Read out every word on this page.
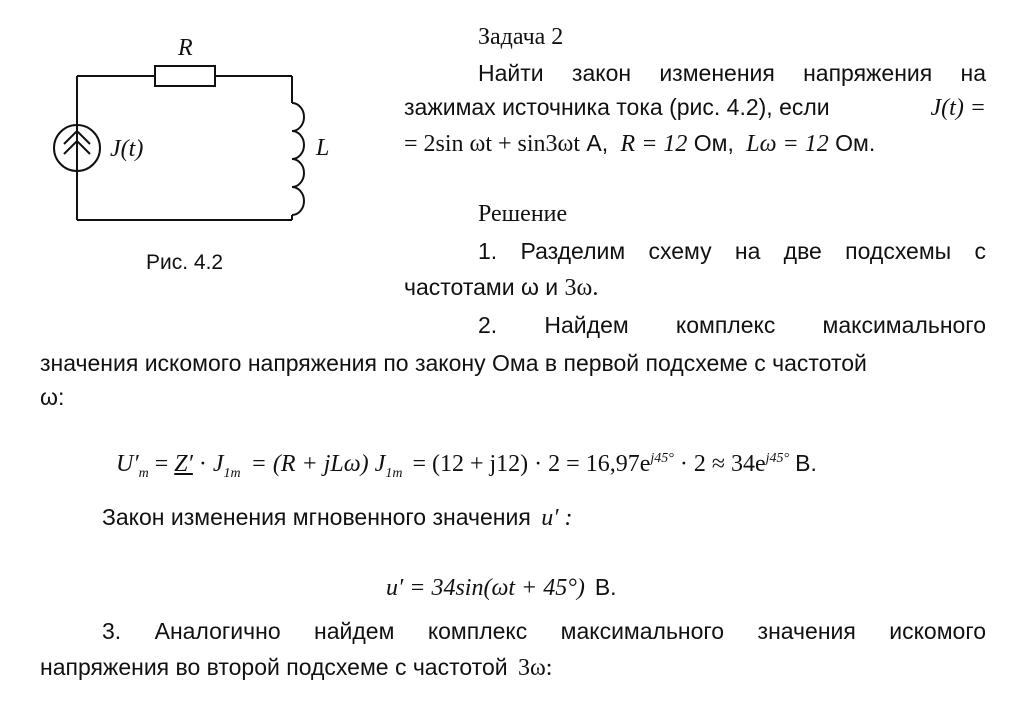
R
L
J(t)
Рис. 4.2
Задача 2
Найти закон изменения напряжения на
зажимах источника тока (рис. 4.2), если	J(t) =
= 2sin ωt + sin3ωt А, R = 12 Ом, Lω = 12 Ом.
Решение
1. Разделим схему на две подсхемы с
частотами ω и 3ω.
2. Найдем комплекс максимального
значения искомого напряжения по закону Ома в первой подсхеме с частотой
ω:
$U'_m = Z' \cdot J_{1m} = (R + jL\omega) J_{1m} = (12 + j12) \cdot 2 = 16,97e^{j45^\circ} \cdot 2 \approx 34e^{j45^\circ}$ В.
Закон изменения мгновенного значения u′ :
u′ = 34sin(ωt + 45°) В.
3. Аналогично найдем комплекс максимального значения искомого
напряжения во второй подсхеме с частотой 3ω:
